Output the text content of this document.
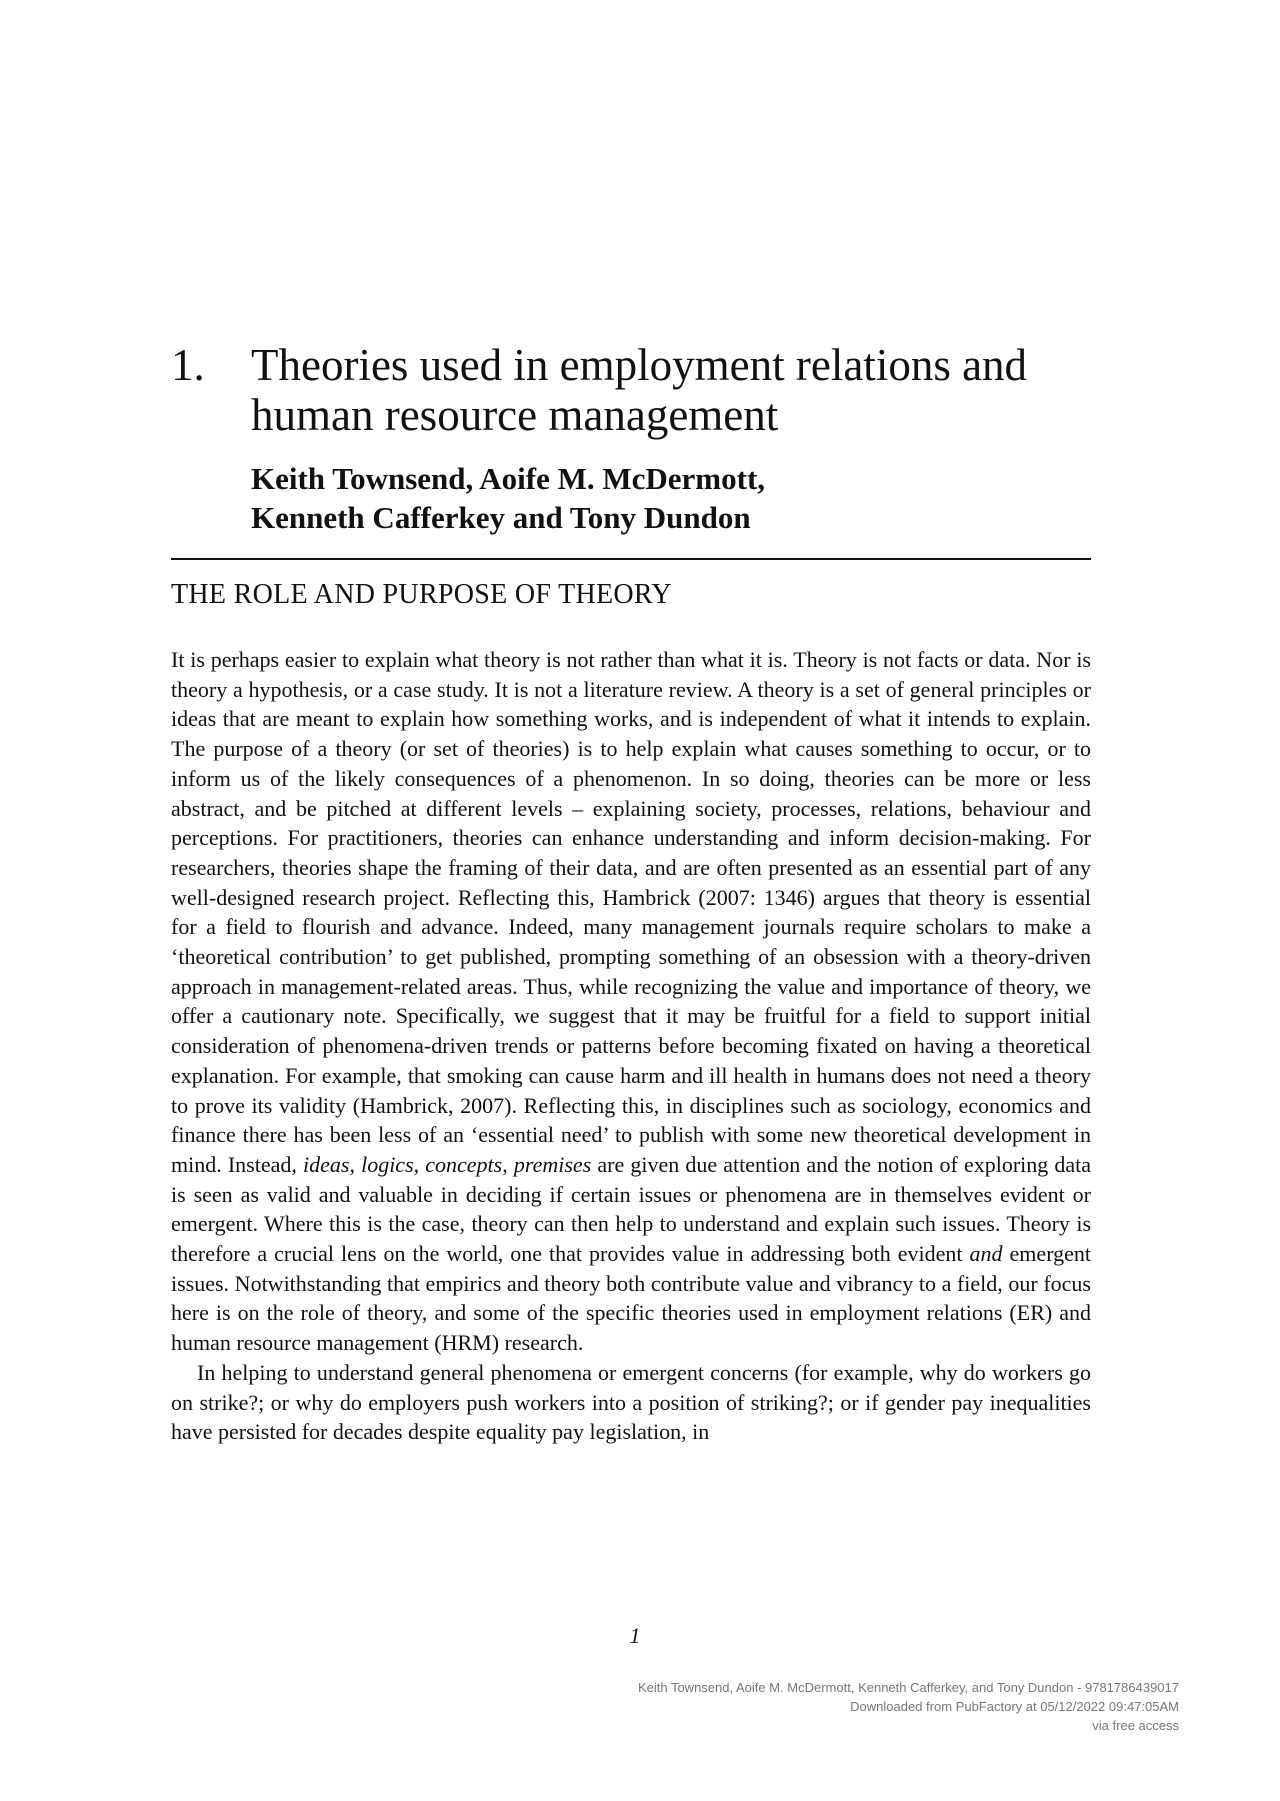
1. Theories used in employment relations and human resource management
Keith Townsend, Aoife M. McDermott,
Kenneth Cafferkey and Tony Dundon
THE ROLE AND PURPOSE OF THEORY

It is perhaps easier to explain what theory is not rather than what it is. Theory is not facts or data. Nor is theory a hypothesis, or a case study. It is not a literature review. A theory is a set of general principles or ideas that are meant to explain how something works, and is independent of what it intends to explain. The purpose of a theory (or set of theories) is to help explain what causes something to occur, or to inform us of the likely consequences of a phenomenon. In so doing, theories can be more or less abstract, and be pitched at different levels – explaining society, processes, relations, behaviour and perceptions. For practitioners, theories can enhance understanding and inform decision-making. For researchers, theories shape the framing of their data, and are often presented as an essential part of any well-designed research project. Reflecting this, Hambrick (2007: 1346) argues that theory is essential for a field to flourish and advance. Indeed, many management journals require scholars to make a ‘theoretical contribution’ to get published, prompting something of an obsession with a theory-driven approach in management-related areas. Thus, while recognizing the value and importance of theory, we offer a cautionary note. Specifically, we suggest that it may be fruitful for a field to support initial consideration of phenomena-driven trends or patterns before becoming fixated on having a theoretical explanation. For example, that smoking can cause harm and ill health in humans does not need a theory to prove its validity (Hambrick, 2007). Reflecting this, in disciplines such as sociology, economics and finance there has been less of an ‘essential need’ to publish with some new theoretical development in mind. Instead, ideas, logics, concepts, premises are given due attention and the notion of exploring data is seen as valid and valuable in deciding if certain issues or phenomena are in themselves evident or emergent. Where this is the case, theory can then help to understand and explain such issues. Theory is therefore a crucial lens on the world, one that provides value in addressing both evident and emergent issues. Notwithstanding that empirics and theory both contribute value and vibrancy to a field, our focus here is on the role of theory, and some of the specific theories used in employment relations (ER) and human resource management (HRM) research.

In helping to understand general phenomena or emergent concerns (for example, why do workers go on strike?; or why do employers push workers into a position of striking?; or if gender pay inequalities have persisted for decades despite equality pay legislation, in

1
Keith Townsend, Aoife M. McDermott, Kenneth Cafferkey, and Tony Dundon - 9781786439017
Downloaded from PubFactory at 05/12/2022 09:47:05AM
via free access
